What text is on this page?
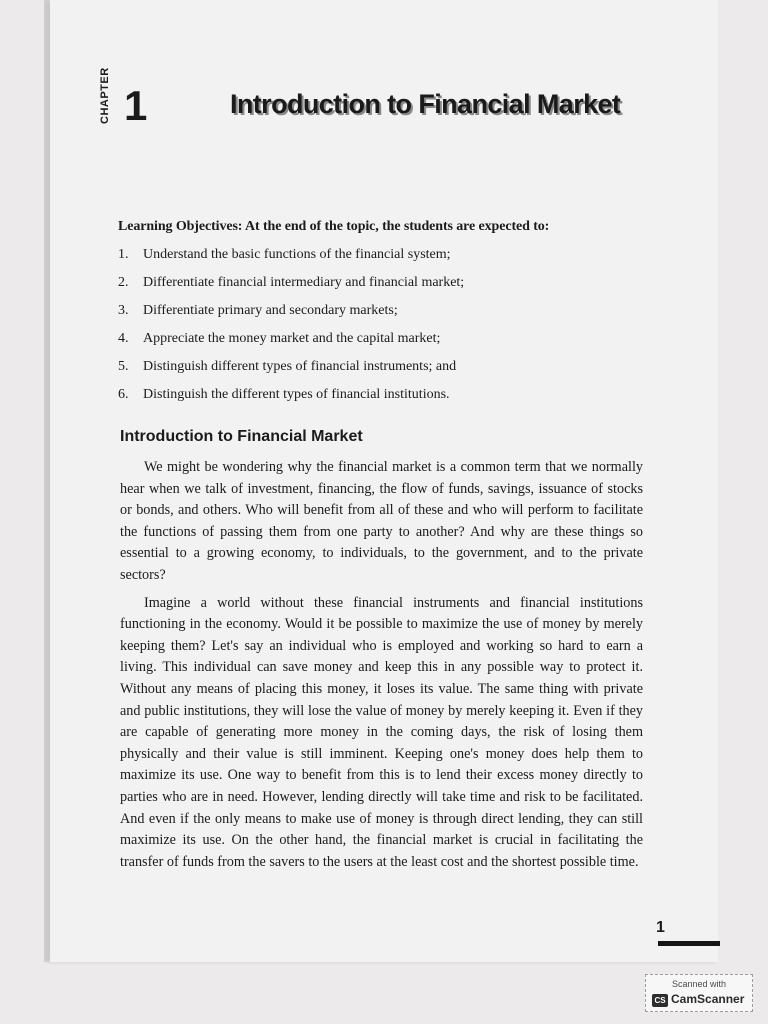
CHAPTER 1	Introduction to Financial Market
Learning Objectives: At the end of the topic, the students are expected to:
1.	Understand the basic functions of the financial system;
2.	Differentiate financial intermediary and financial market;
3.	Differentiate primary and secondary markets;
4.	Appreciate the money market and the capital market;
5.	Distinguish different types of financial instruments; and
6.	Distinguish the different types of financial institutions.
Introduction to Financial Market

We might be wondering why the financial market is a common term that we normally hear when we talk of investment, financing, the flow of funds, savings, issuance of stocks or bonds, and others. Who will benefit from all of these and who will perform to facilitate the functions of passing them from one party to another? And why are these things so essential to a growing economy, to individuals, to the government, and to the private sectors?

Imagine a world without these financial instruments and financial institutions functioning in the economy. Would it be possible to maximize the use of money by merely keeping them? Let's say an individual who is employed and working so hard to earn a living. This individual can save money and keep this in any possible way to protect it. Without any means of placing this money, it loses its value. The same thing with private and public institutions, they will lose the value of money by merely keeping it. Even if they are capable of generating more money in the coming days, the risk of losing them physically and their value is still imminent. Keeping one's money does help them to maximize its use. One way to benefit from this is to lend their excess money directly to parties who are in need. However, lending directly will take time and risk to be facilitated. And even if the only means to make use of money is through direct lending, they can still maximize its use. On the other hand, the financial market is crucial in facilitating the transfer of funds from the savers to the users at the least cost and the shortest possible time.

1
Scanned with
CS CamScanner
